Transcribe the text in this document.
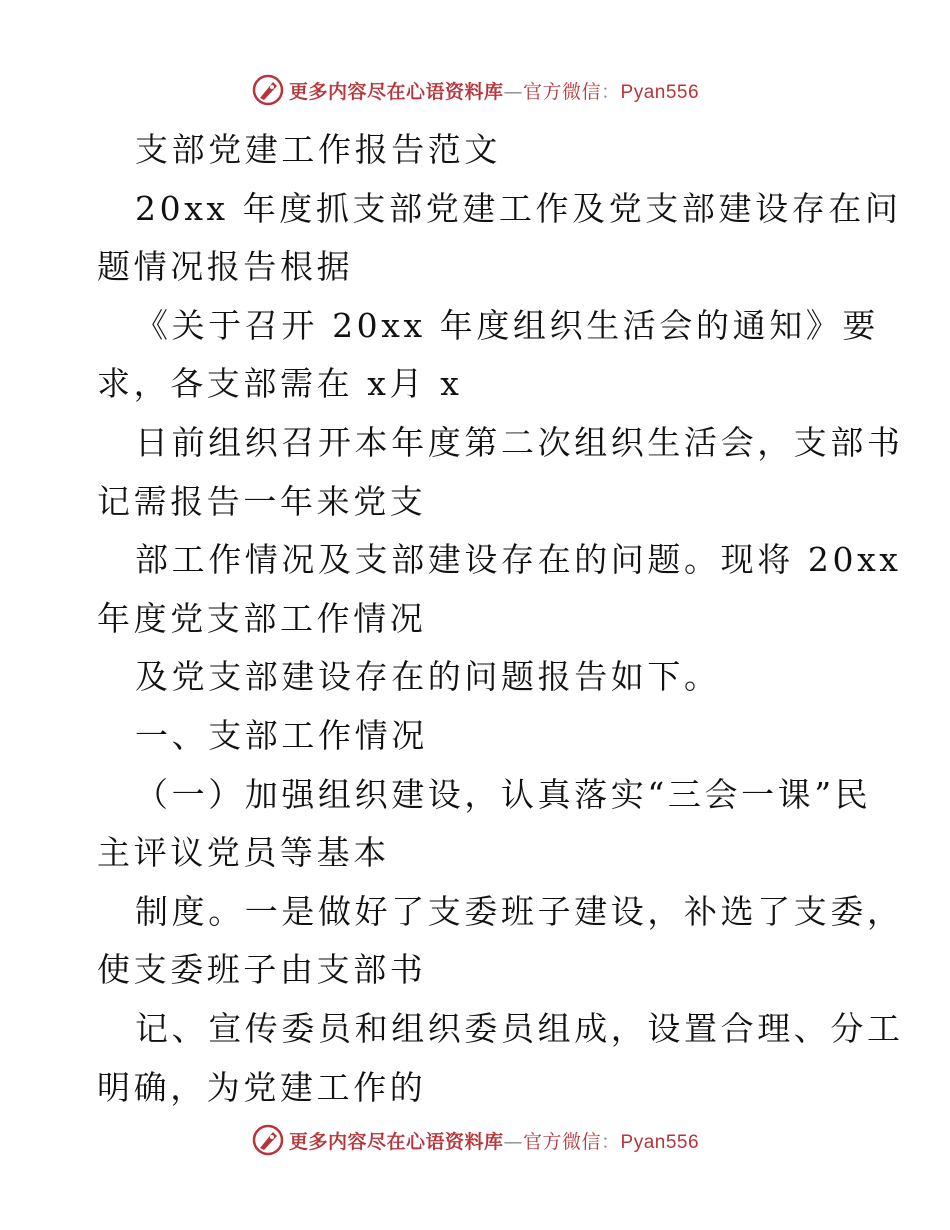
更多内容尽在心语资料库—官方微信：Pyan556
支部党建工作报告范文
20xx 年度抓支部党建工作及党支部建设存在问
题情况报告根据
《关于召开 20xx 年度组织生活会的通知》要
求，各支部需在 x月 x
日前组织召开本年度第二次组织生活会，支部书
记需报告一年来党支
部工作情况及支部建设存在的问题。现将 20xx
年度党支部工作情况
及党支部建设存在的问题报告如下。
一、支部工作情况
（一）加强组织建设，认真落实“三会一课”民
主评议党员等基本
制度。一是做好了支委班子建设，补选了支委，
使支委班子由支部书
记、宣传委员和组织委员组成，设置合理、分工
明确，为党建工作的
更多内容尽在心语资料库—官方微信：Pyan556
